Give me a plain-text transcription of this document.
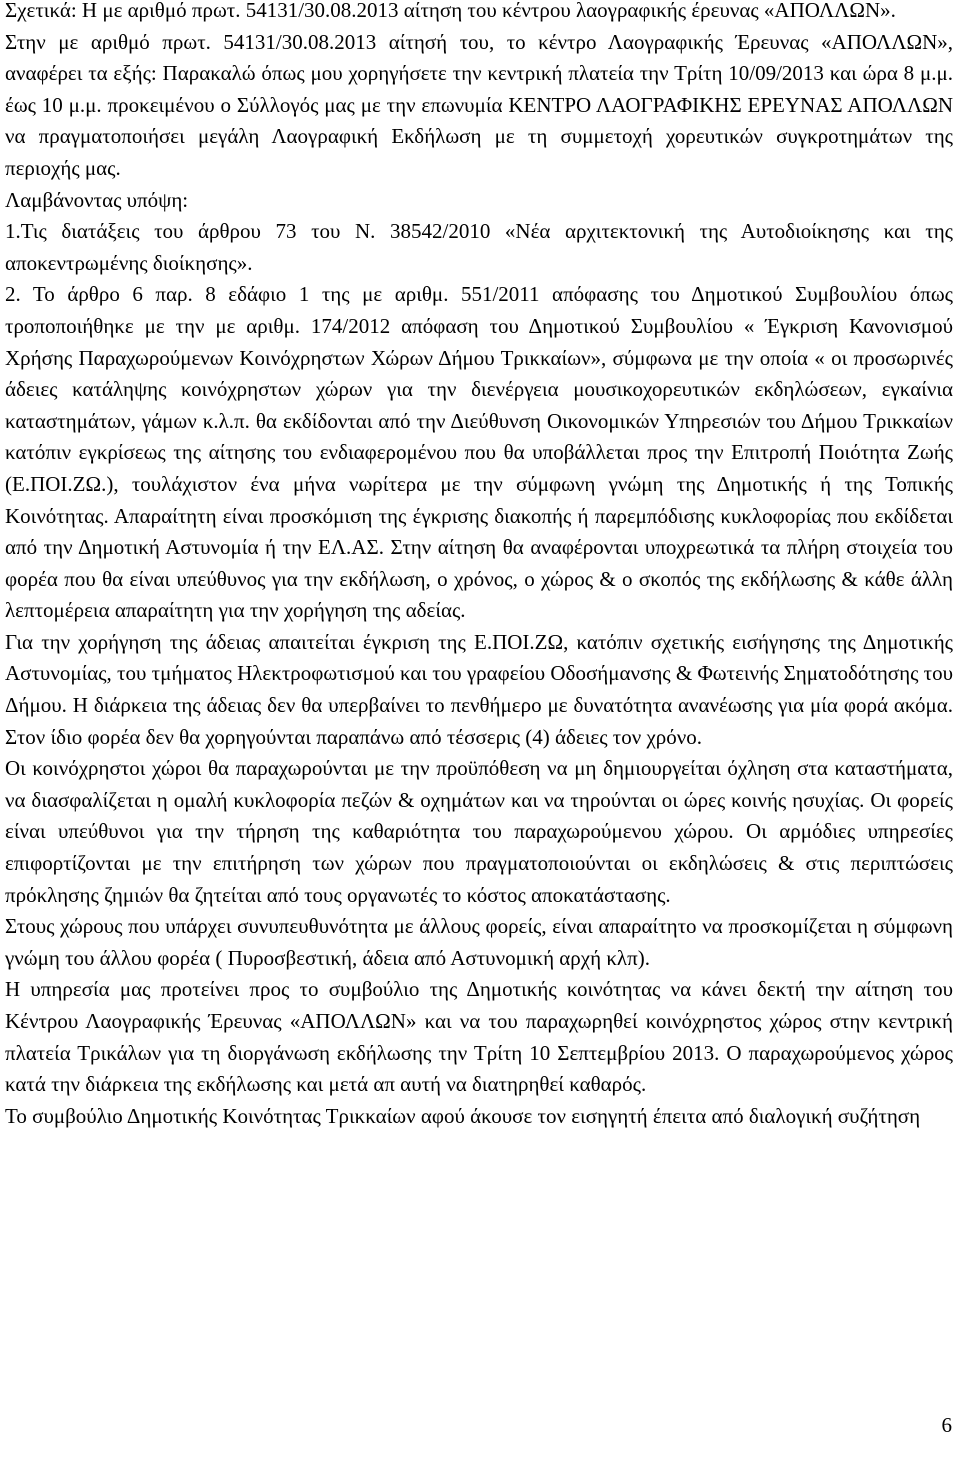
Σχετικά: Η με αριθμό πρωτ. 54131/30.08.2013 αίτηση του κέντρου λαογραφικής έρευνας «ΑΠΟΛΛΩΝ».

Στην με αριθμό πρωτ. 54131/30.08.2013 αίτησή του, το κέντρο Λαογραφικής Έρευνας «ΑΠΟΛΛΩΝ», αναφέρει τα εξής: Παρακαλώ όπως μου χορηγήσετε την κεντρική πλατεία την Τρίτη 10/09/2013 και ώρα 8 μ.μ. έως 10 μ.μ. προκειμένου ο Σύλλογός μας με την επωνυμία ΚΕΝΤΡΟ ΛΑΟΓΡΑΦΙΚΗΣ ΕΡΕΥΝΑΣ ΑΠΟΛΛΩΝ να πραγματοποιήσει μεγάλη Λαογραφική Εκδήλωση με τη συμμετοχή χορευτικών συγκροτημάτων της περιοχής μας.

Λαμβάνοντας υπόψη:

1.Τις διατάξεις του άρθρου 73 του Ν. 38542/2010 «Νέα αρχιτεκτονική της Αυτοδιοίκησης και της αποκεντρωμένης διοίκησης».

2. Το άρθρο 6 παρ. 8 εδάφιο 1 της με αριθμ. 551/2011 απόφασης του Δημοτικού Συμβουλίου όπως τροποποιήθηκε με την με αριθμ. 174/2012 απόφαση του Δημοτικού Συμβουλίου « Έγκριση Κανονισμού Χρήσης Παραχωρούμενων Κοινόχρηστων Χώρων Δήμου Τρικκαίων», σύμφωνα με την οποία « οι προσωρινές άδειες κατάληψης κοινόχρηστων χώρων για την διενέργεια μουσικοχορευτικών εκδηλώσεων, εγκαίνια καταστημάτων, γάμων κ.λ.π. θα εκδίδονται από την Διεύθυνση Οικονομικών Υπηρεσιών του Δήμου Τρικκαίων κατόπιν εγκρίσεως της αίτησης του ενδιαφερομένου που θα υποβάλλεται προς την Επιτροπή Ποιότητα Ζωής (Ε.ΠΟΙ.ΖΩ.), τουλάχιστον ένα μήνα νωρίτερα με την σύμφωνη γνώμη της Δημοτικής ή της Τοπικής Κοινότητας. Απαραίτητη είναι προσκόμιση της έγκρισης διακοπής ή παρεμπόδισης κυκλοφορίας που εκδίδεται από την Δημοτική Αστυνομία ή την ΕΛ.ΑΣ. Στην αίτηση θα αναφέρονται υποχρεωτικά τα πλήρη στοιχεία του φορέα που θα είναι υπεύθυνος για την εκδήλωση, ο χρόνος, ο χώρος & ο σκοπός της εκδήλωσης & κάθε άλλη λεπτομέρεια απαραίτητη για την χορήγηση της αδείας.

Για την χορήγηση της άδειας απαιτείται έγκριση της Ε.ΠΟΙ.ΖΩ, κατόπιν σχετικής εισήγησης της Δημοτικής Αστυνομίας, του τμήματος Ηλεκτροφωτισμού και του γραφείου Οδοσήμανσης & Φωτεινής Σηματοδότησης του Δήμου. Η διάρκεια της άδειας δεν θα υπερβαίνει το πενθήμερο με δυνατότητα ανανέωσης για μία φορά ακόμα. Στον ίδιο φορέα δεν θα χορηγούνται παραπάνω από τέσσερις (4) άδειες τον χρόνο.

Οι κοινόχρηστοι χώροι θα παραχωρούνται με την προϋπόθεση να μη δημιουργείται όχληση στα καταστήματα, να διασφαλίζεται η ομαλή κυκλοφορία πεζών & οχημάτων και να τηρούνται οι ώρες κοινής ησυχίας. Οι φορείς είναι υπεύθυνοι για την τήρηση της καθαριότητα του παραχωρούμενου χώρου. Οι αρμόδιες υπηρεσίες επιφορτίζονται με την επιτήρηση των χώρων που πραγματοποιούνται οι εκδηλώσεις & στις περιπτώσεις πρόκλησης ζημιών θα ζητείται από τους οργανωτές το κόστος αποκατάστασης.

Στους χώρους που υπάρχει συνυπευθυνότητα με άλλους φορείς, είναι απαραίτητο να προσκομίζεται η σύμφωνη γνώμη του άλλου φορέα ( Πυροσβεστική, άδεια από Αστυνομική αρχή κλπ).

Η υπηρεσία μας προτείνει προς το συμβούλιο της Δημοτικής κοινότητας να κάνει δεκτή την αίτηση του Κέντρου Λαογραφικής Έρευνας «ΑΠΟΛΛΩΝ» και να του παραχωρηθεί κοινόχρηστος χώρος στην κεντρική πλατεία Τρικάλων για τη διοργάνωση εκδήλωσης την Τρίτη 10 Σεπτεμβρίου 2013. Ο παραχωρούμενος χώρος κατά την διάρκεια της εκδήλωσης και μετά απ αυτή να διατηρηθεί καθαρός.

Το συμβούλιο Δημοτικής Κοινότητας Τρικκαίων αφού άκουσε τον εισηγητή έπειτα από διαλογική συζήτηση

6
